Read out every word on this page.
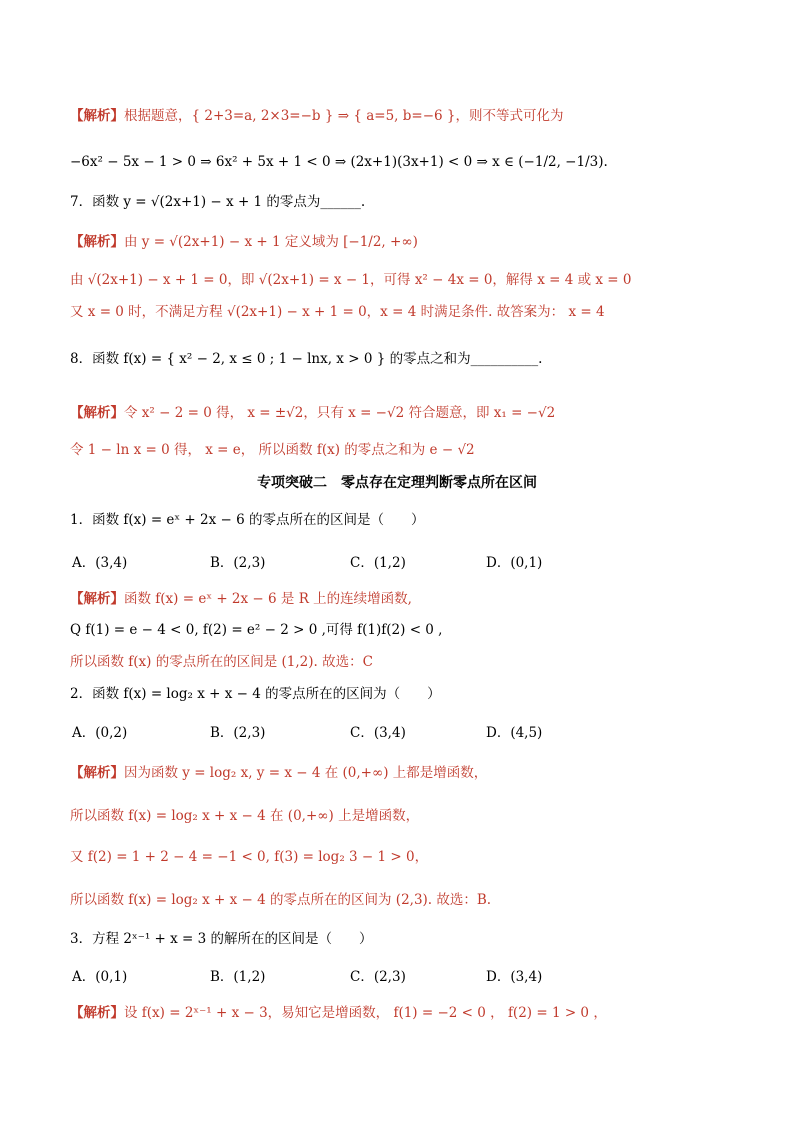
【解析】根据题意，{ 2+3=a, 2×3=−b } ⇒ { a=5, b=−6 }，则不等式可化为
−6x² − 5x − 1 > 0 ⇒ 6x² + 5x + 1 < 0 ⇒ (2x+1)(3x+1) < 0 ⇒ x ∈ (−1/2, −1/3).
7．函数 y = √(2x+1) − x + 1 的零点为______.
【解析】由 y = √(2x+1) − x + 1 定义域为 [−1/2, +∞)
由 √(2x+1) − x + 1 = 0，即 √(2x+1) = x − 1，可得 x² − 4x = 0，解得 x = 4 或 x = 0
又 x = 0 时，不满足方程 √(2x+1) − x + 1 = 0，x = 4 时满足条件. 故答案为： x = 4
8．函数 f(x) = { x² − 2, x ≤ 0 ; 1 − lnx, x > 0 } 的零点之和为__________.
【解析】令 x² − 2 = 0 得， x = ±√2，只有 x = −√2 符合题意，即 x₁ = −√2
令 1 − ln x = 0 得， x = e， 所以函数 f(x) 的零点之和为 e − √2
专项突破二　零点存在定理判断零点所在区间
1．函数 f(x) = eˣ + 2x − 6 的零点所在的区间是（　　）
A．(3,4)	B．(2,3)	C．(1,2)	D．(0,1)
【解析】函数 f(x) = eˣ + 2x − 6 是 R 上的连续增函数,
Q f(1) = e − 4 < 0, f(2) = e² − 2 > 0 ,可得 f(1)f(2) < 0 ,
所以函数 f(x) 的零点所在的区间是 (1,2). 故选：C
2．函数 f(x) = log₂ x + x − 4 的零点所在的区间为（　　）
A．(0,2)	B．(2,3)	C．(3,4)	D．(4,5)
【解析】因为函数 y = log₂ x, y = x − 4 在 (0,+∞) 上都是增函数，
所以函数 f(x) = log₂ x + x − 4 在 (0,+∞) 上是增函数，
又 f(2) = 1 + 2 − 4 = −1 < 0, f(3) = log₂ 3 − 1 > 0，
所以函数 f(x) = log₂ x + x − 4 的零点所在的区间为 (2,3). 故选：B.
3．方程 2ˣ⁻¹ + x = 3 的解所在的区间是（　　）
A．(0,1)	B．(1,2)	C．(2,3)	D．(3,4)
【解析】设 f(x) = 2ˣ⁻¹ + x − 3，易知它是增函数， f(1) = −2 < 0 ， f(2) = 1 > 0 ，
